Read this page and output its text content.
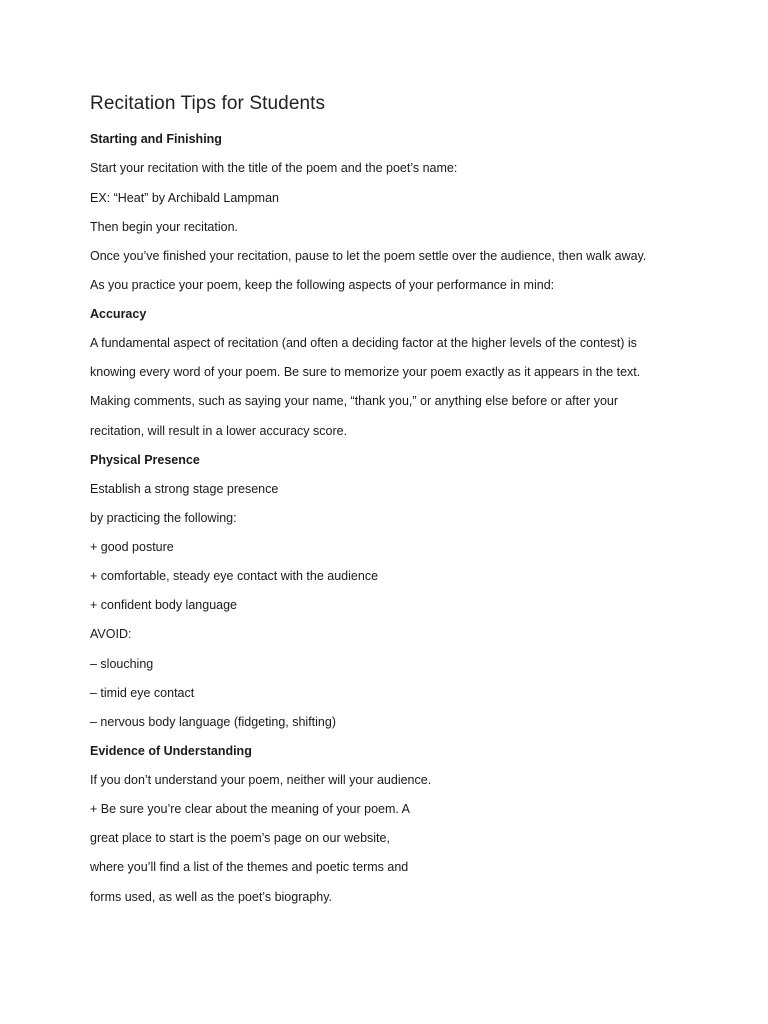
Recitation Tips for Students
Starting and Finishing
Start your recitation with the title of the poem and the poet’s name:
EX: “Heat” by Archibald Lampman
Then begin your recitation.
Once you’ve finished your recitation, pause to let the poem settle over the audience, then walk away.
As you practice your poem, keep the following aspects of your performance in mind:
Accuracy
A fundamental aspect of recitation (and often a deciding factor at the higher levels of the contest) is
knowing every word of your poem. Be sure to memorize your poem exactly as it appears in the text.
Making comments, such as saying your name, “thank you,” or anything else before or after your
recitation, will result in a lower accuracy score.
Physical Presence
Establish a strong stage presence
by practicing the following:
+ good posture
+ comfortable, steady eye contact with the audience
+ confident body language
AVOID:
– slouching
– timid eye contact
– nervous body language (fidgeting, shifting)
Evidence of Understanding
If you don’t understand your poem, neither will your audience.
+ Be sure you’re clear about the meaning of your poem. A
great place to start is the poem’s page on our website,
where you’ll find a list of the themes and poetic terms and
forms used, as well as the poet’s biography.
